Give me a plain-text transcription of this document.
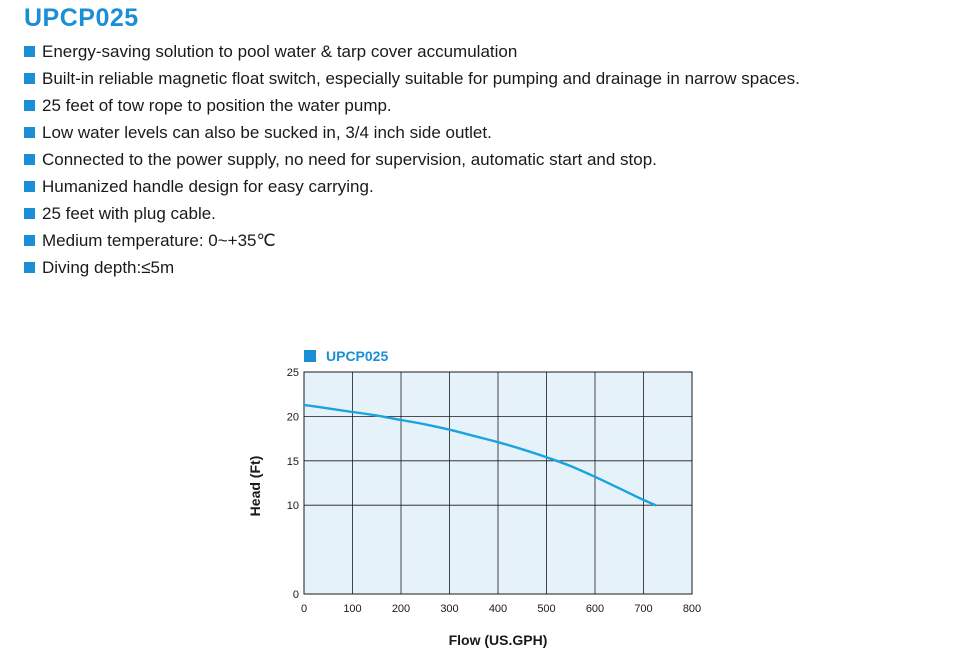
UPCP025
Energy-saving solution to pool water & tarp cover accumulation
Built-in reliable magnetic float switch, especially suitable for pumping and drainage in narrow spaces.
25 feet of tow rope to position the water pump.
Low water levels can also be sucked in, 3/4 inch side outlet.
Connected to the power supply, no need for supervision, automatic start and stop.
Humanized handle design for easy carrying.
25 feet with plug cable.
Medium temperature: 0~+35℃
Diving depth:≤5m
UPCP025
0	100	200	300	400	500	600	700	800
0
10
15
20
25
Flow (US.GPH)
Head (Ft)
